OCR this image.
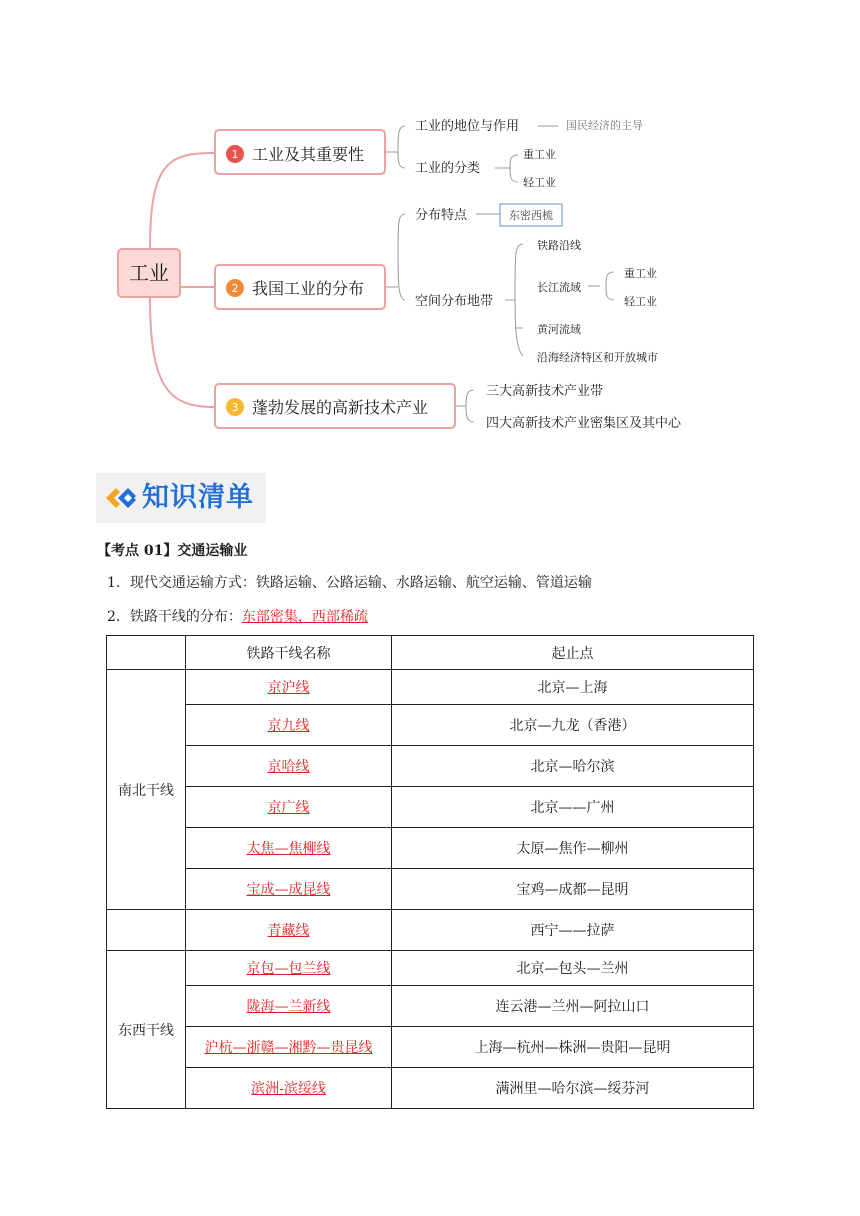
工业
1 工业及其重要性
工业的地位与作用	国民经济的主导
工业的分类
重工业
轻工业
2 我国工业的分布
分布特点	东密西梳
空间分布地带
铁路沿线
长江流域
重工业
轻工业
黄河流域
沿海经济特区和开放城市
3 蓬勃发展的高新技术产业
三大高新技术产业带
四大高新技术产业密集区及其中心
知识清单
【考点 01】交通运输业
1．现代交通运输方式：铁路运输、公路运输、水路运输、航空运输、管道运输
2．铁路干线的分布：东部密集，西部稀疏
	铁路干线名称	起止点
南北干线	京沪线	北京—上海
	京九线	北京—九龙（香港）
	京哈线	北京—哈尔滨
	京广线	北京——广州
	太焦—焦柳线	太原—焦作—柳州
	宝成—成昆线	宝鸡—成都—昆明
	青藏线	西宁——拉萨
东西干线	京包—包兰线	北京—包头—兰州
	陇海—兰新线	连云港—兰州—阿拉山口
	沪杭—浙赣—湘黔—贵昆线	上海—杭州—株洲—贵阳—昆明
	滨洲-滨绥线	满洲里—哈尔滨—绥芬河
